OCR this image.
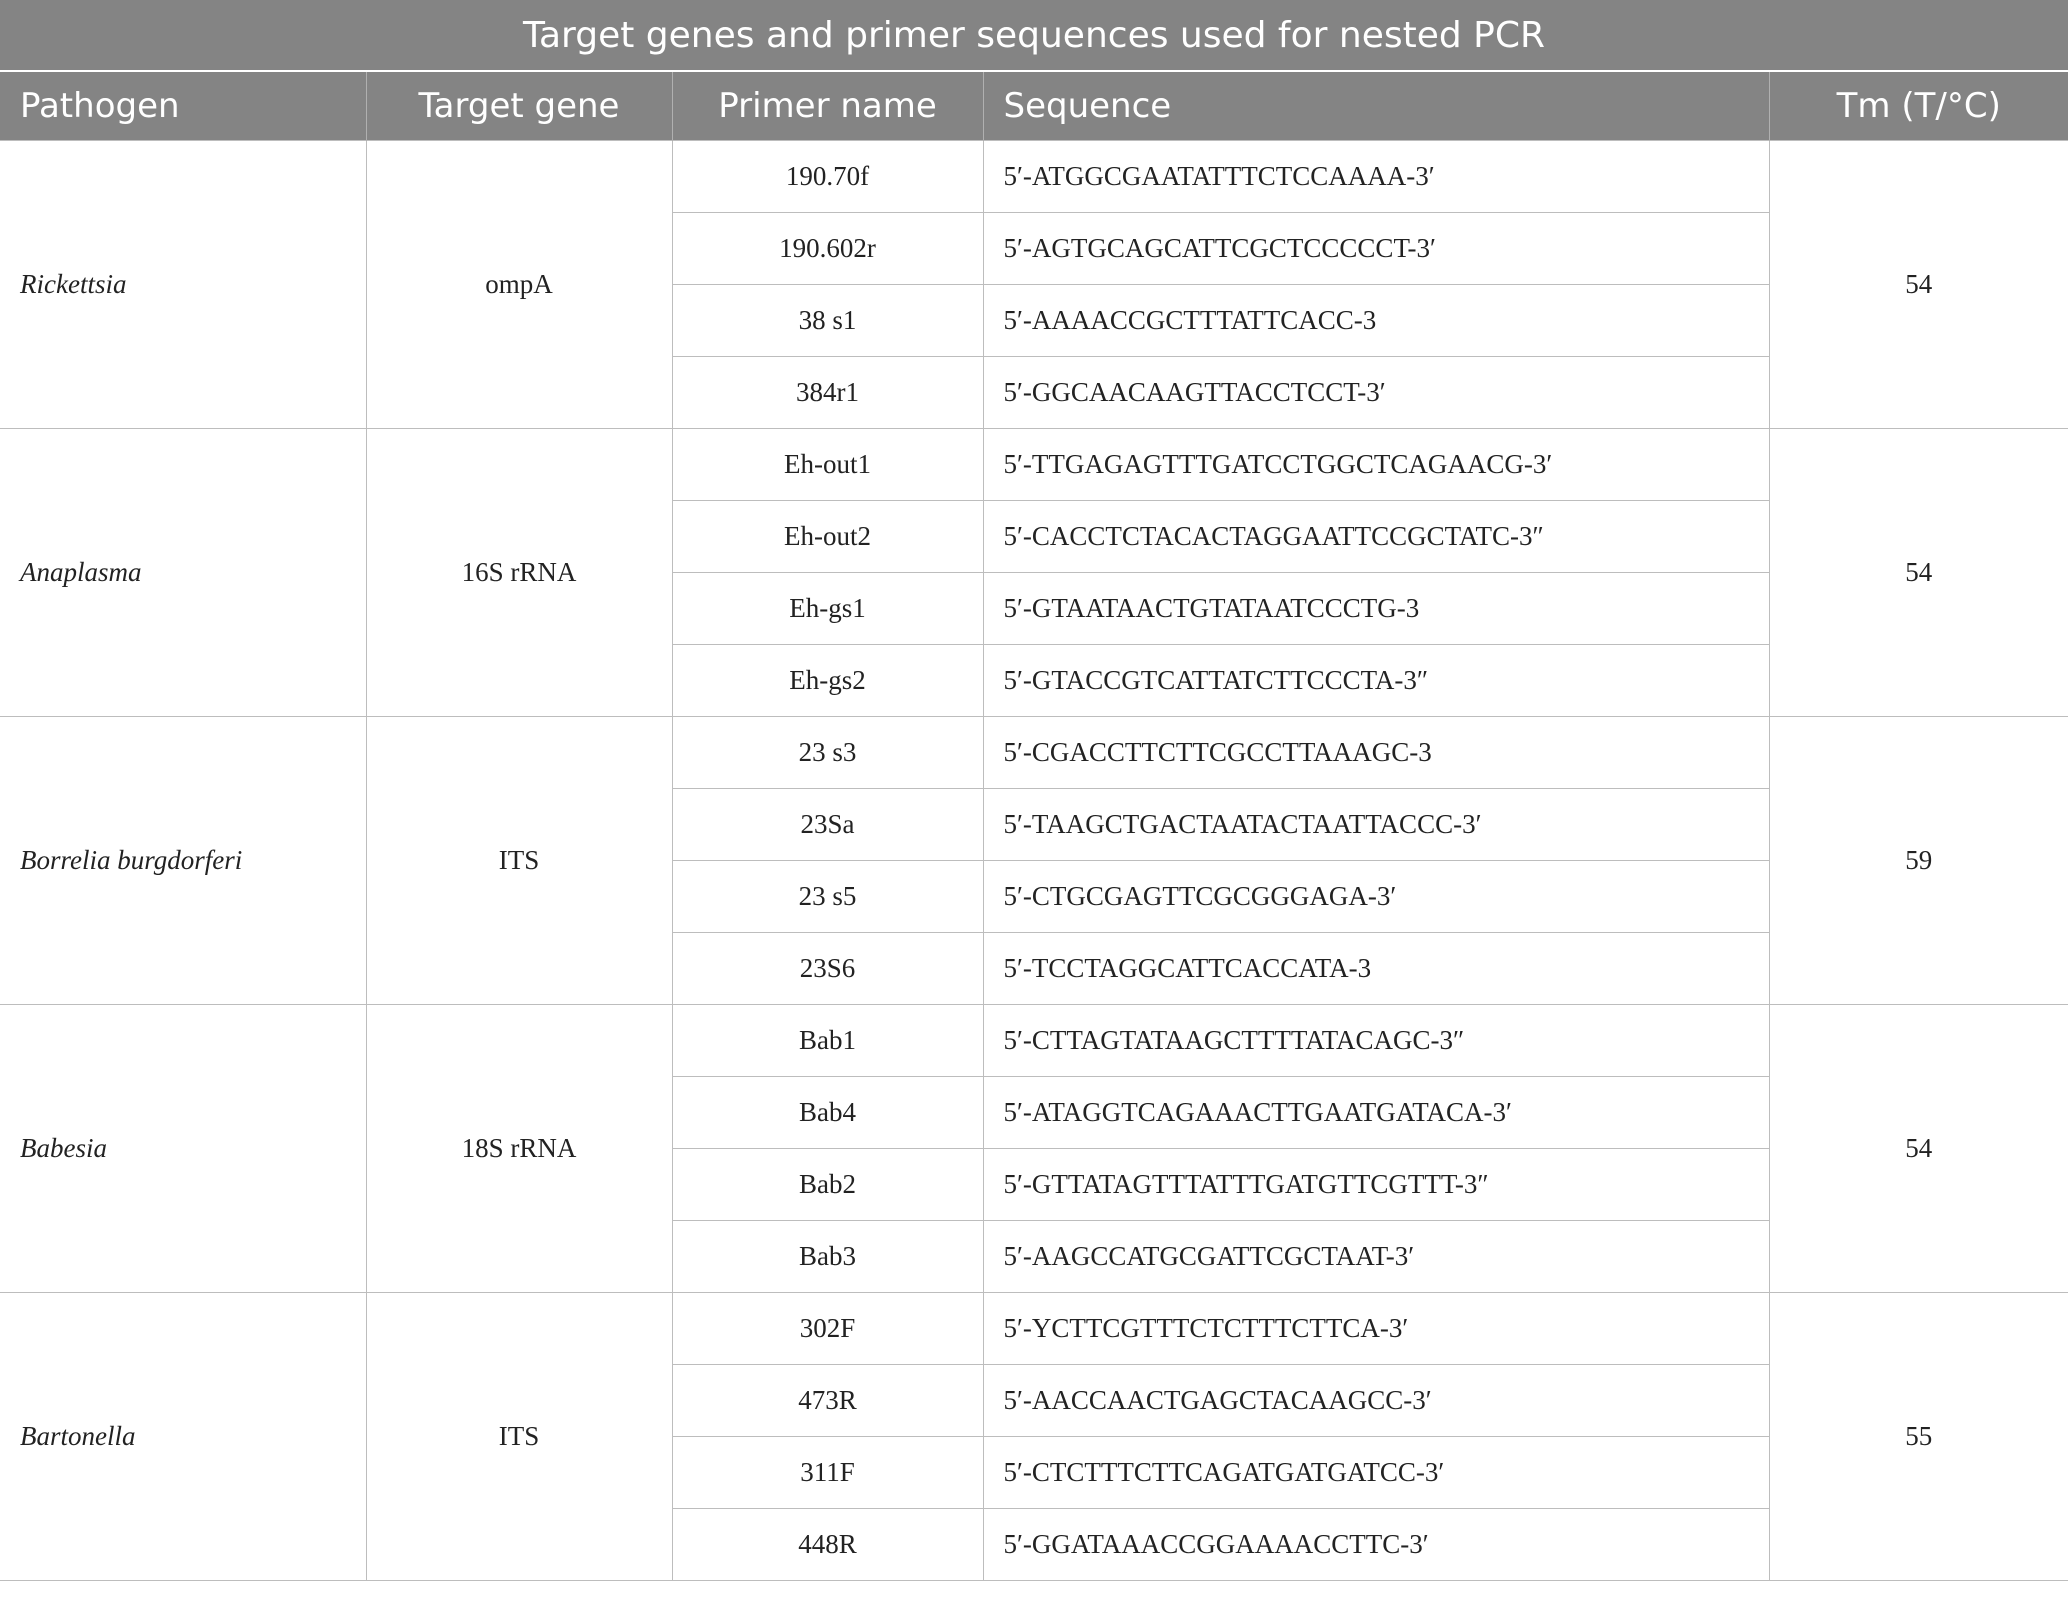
Target genes and primer sequences used for nested PCR
Pathogen	Target gene	Primer name	Sequence	Tm (T/°C)
Rickettsia	ompA	190.70f	5′-ATGGCGAATATTTCTCCAAAA-3′	54
		190.602r	5′-AGTGCAGCATTCGCTCCCCCT-3′	
		38 s1	5′-AAAACCGCTTTATTCACC-3	
		384r1	5′-GGCAACAAGTTACCTCCT-3′	
Anaplasma	16S rRNA	Eh-out1	5′-TTGAGAGTTTGATCCTGGCTCAGAACG-3′	54
		Eh-out2	5′-CACCTCTACACTAGGAATTCCGCTATC-3″	
		Eh-gs1	5′-GTAATAACTGTATAATCCCTG-3	
		Eh-gs2	5′-GTACCGTCATTATCTTCCCTA-3″	
Borrelia burgdorferi	ITS	23 s3	5′-CGACCTTCTTCGCCTTAAAGC-3	59
		23Sa	5′-TAAGCTGACTAATACTAATTACCC-3′	
		23 s5	5′-CTGCGAGTTCGCGGGAGA-3′	
		23S6	5′-TCCTAGGCATTCACCATA-3	
Babesia	18S rRNA	Bab1	5′-CTTAGTATAAGCTTTTATACAGC-3″	54
		Bab4	5′-ATAGGTCAGAAACTTGAATGATACA-3′	
		Bab2	5′-GTTATAGTTTATTTGATGTTCGTTT-3″	
		Bab3	5′-AAGCCATGCGATTCGCTAAT-3′	
Bartonella	ITS	302F	5′-YCTTCGTTTCTCTTTCTTCA-3′	55
		473R	5′-AACCAACTGAGCTACAAGCC-3′	
		311F	5′-CTCTTTCTTCAGATGATGATCC-3′	
		448R	5′-GGATAAACCGGAAAACCTTC-3′	
